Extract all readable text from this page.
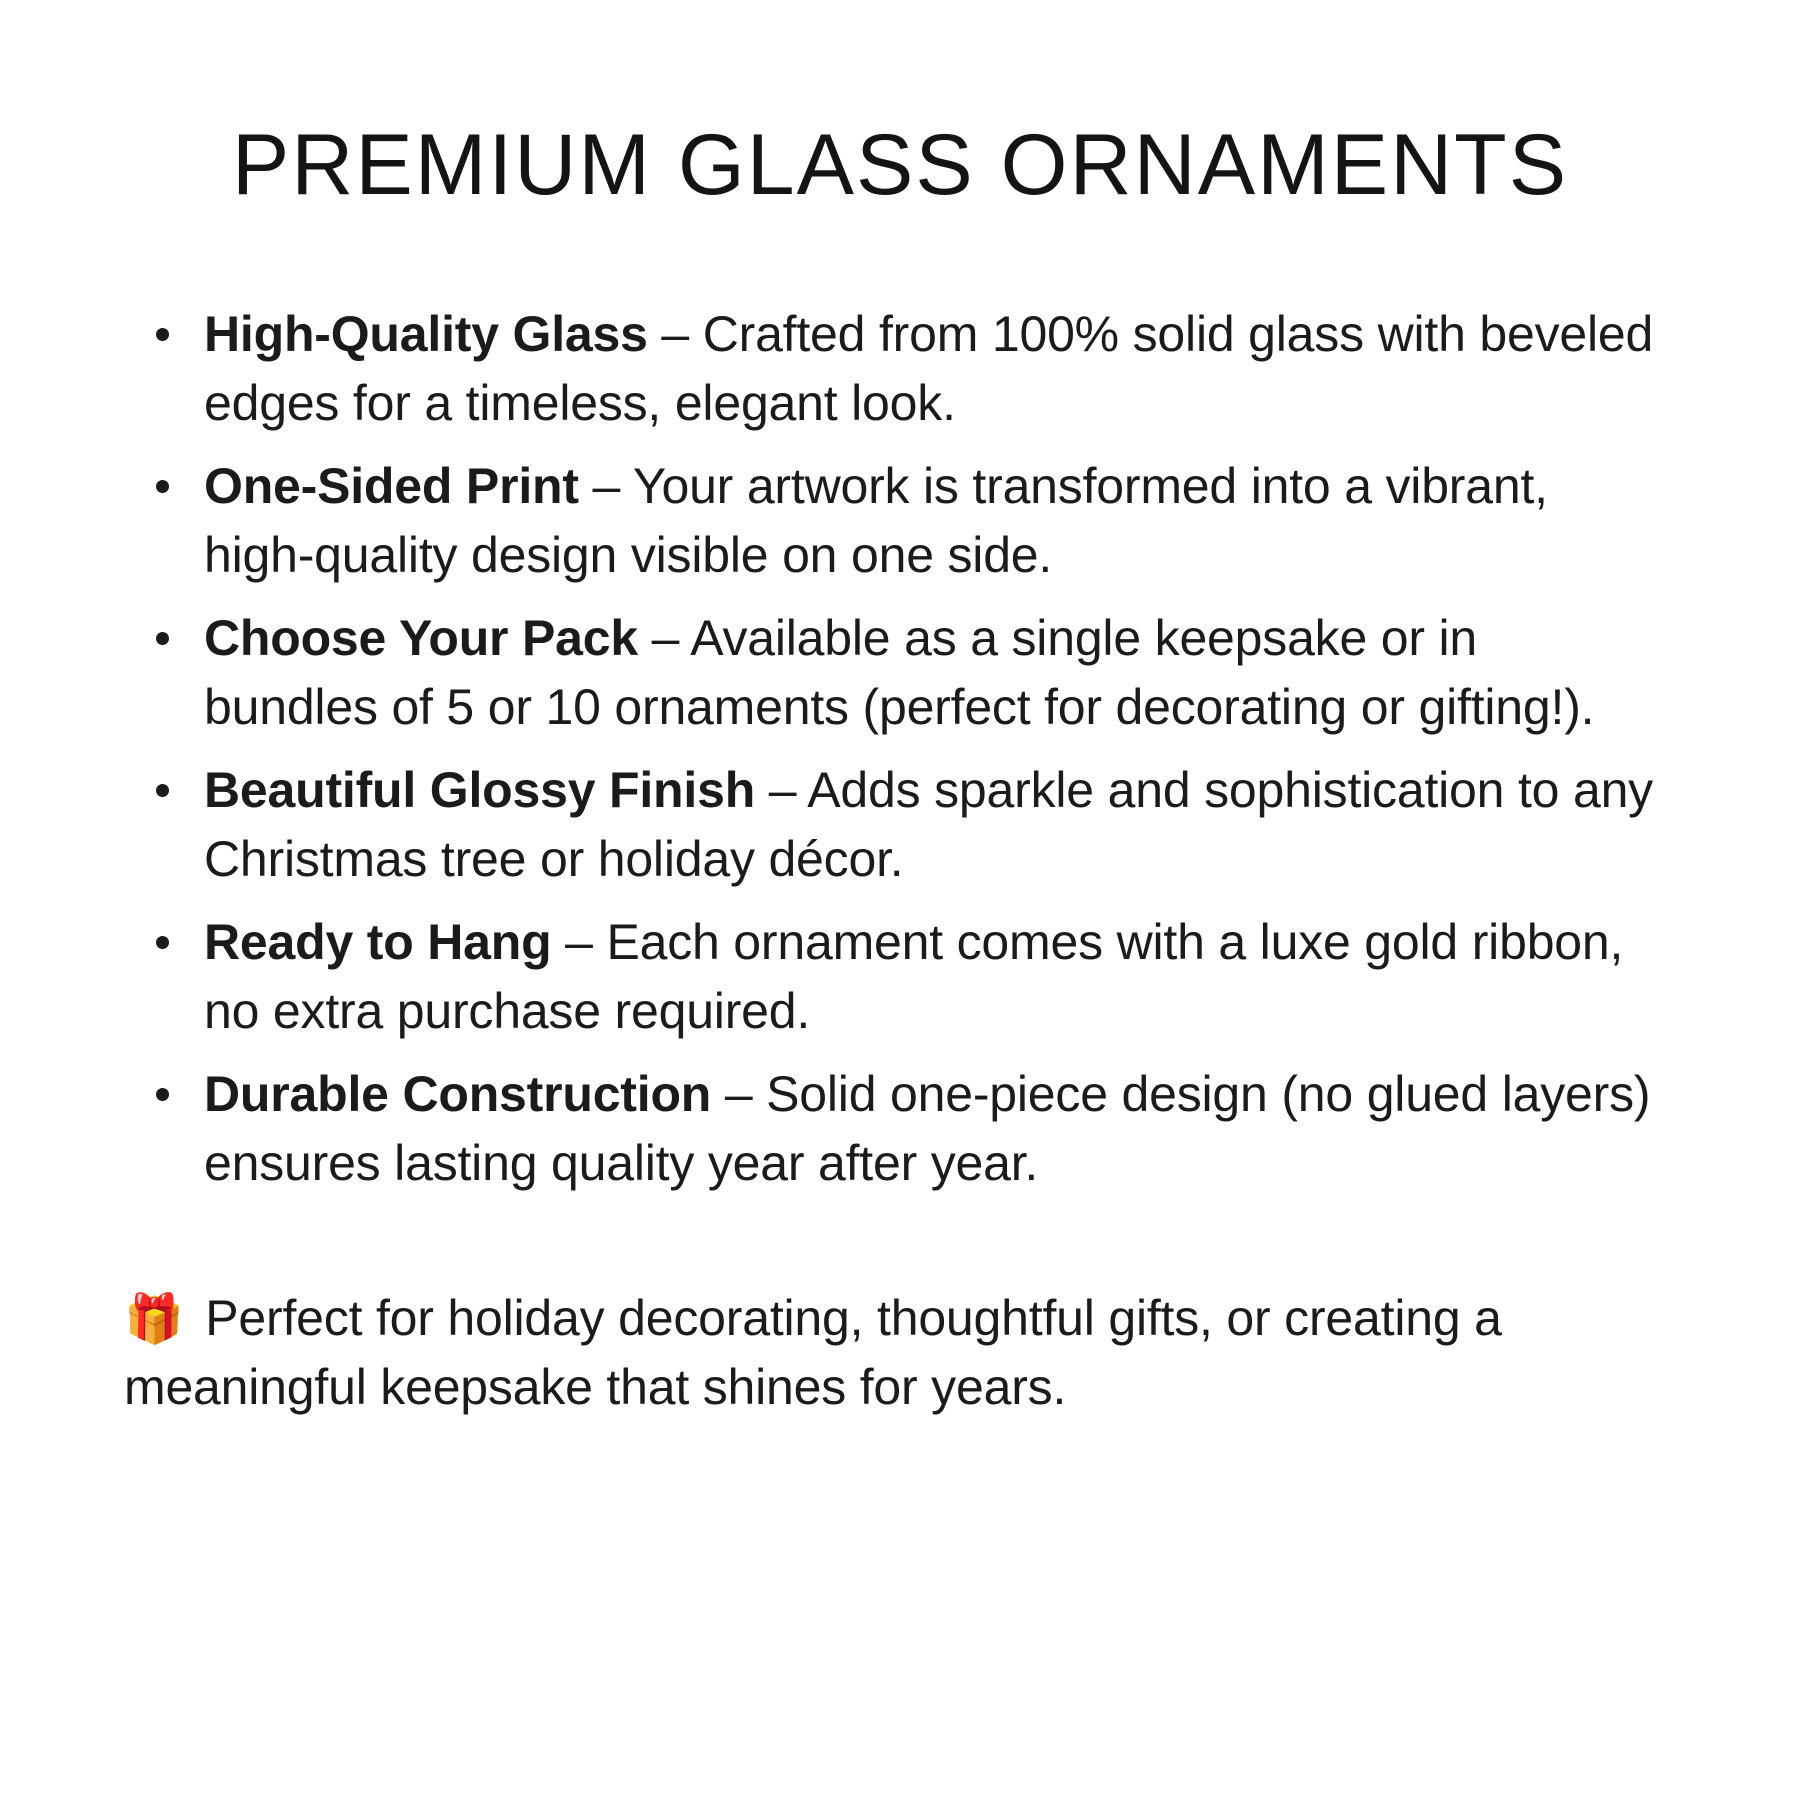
PREMIUM GLASS ORNAMENTS
High-Quality Glass – Crafted from 100% solid glass with beveled edges for a timeless, elegant look.
One-Sided Print – Your artwork is transformed into a vibrant, high-quality design visible on one side.
Choose Your Pack – Available as a single keepsake or in bundles of 5 or 10 ornaments (perfect for decorating or gifting!).
Beautiful Glossy Finish – Adds sparkle and sophistication to any Christmas tree or holiday décor.
Ready to Hang – Each ornament comes with a luxe gold ribbon, no extra purchase required.
Durable Construction – Solid one-piece design (no glued layers) ensures lasting quality year after year.

🎁 Perfect for holiday decorating, thoughtful gifts, or creating a meaningful keepsake that shines for years.
